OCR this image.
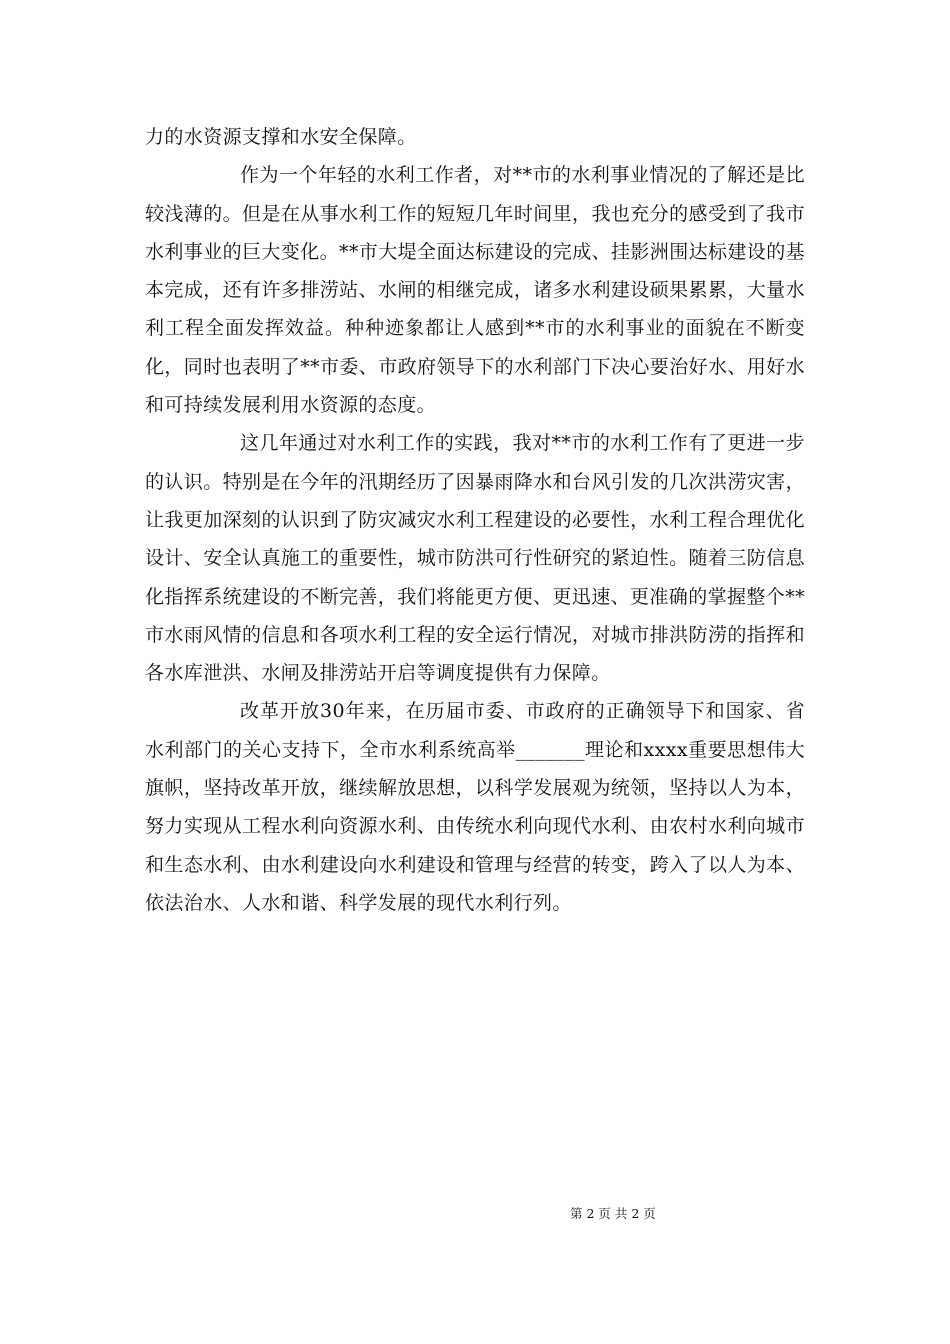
力的水资源支撑和水安全保障。

作为一个年轻的水利工作者，对**市的水利事业情况的了解还是比较浅薄的。但是在从事水利工作的短短几年时间里，我也充分的感受到了我市水利事业的巨大变化。**市大堤全面达标建设的完成、挂影洲围达标建设的基本完成，还有许多排涝站、水闸的相继完成，诸多水利建设硕果累累，大量水利工程全面发挥效益。种种迹象都让人感到**市的水利事业的面貌在不断变化，同时也表明了**市委、市政府领导下的水利部门下决心要治好水、用好水和可持续发展利用水资源的态度。

这几年通过对水利工作的实践，我对**市的水利工作有了更进一步的认识。特别是在今年的汛期经历了因暴雨降水和台风引发的几次洪涝灾害，让我更加深刻的认识到了防灾减灾水利工程建设的必要性，水利工程合理优化设计、安全认真施工的重要性，城市防洪可行性研究的紧迫性。随着三防信息化指挥系统建设的不断完善，我们将能更方便、更迅速、更准确的掌握整个**市水雨风情的信息和各项水利工程的安全运行情况，对城市排洪防涝的指挥和各水库泄洪、水闸及排涝站开启等调度提供有力保障。

改革开放30年来，在历届市委、市政府的正确领导下和国家、省水利部门的关心支持下，全市水利系统高举_______理论和xxxx重要思想伟大旗帜，坚持改革开放，继续解放思想，以科学发展观为统领，坚持以人为本，努力实现从工程水利向资源水利、由传统水利向现代水利、由农村水利向城市和生态水利、由水利建设向水利建设和管理与经营的转变，跨入了以人为本、依法治水、人水和谐、科学发展的现代水利行列。

第 2 页 共 2 页
